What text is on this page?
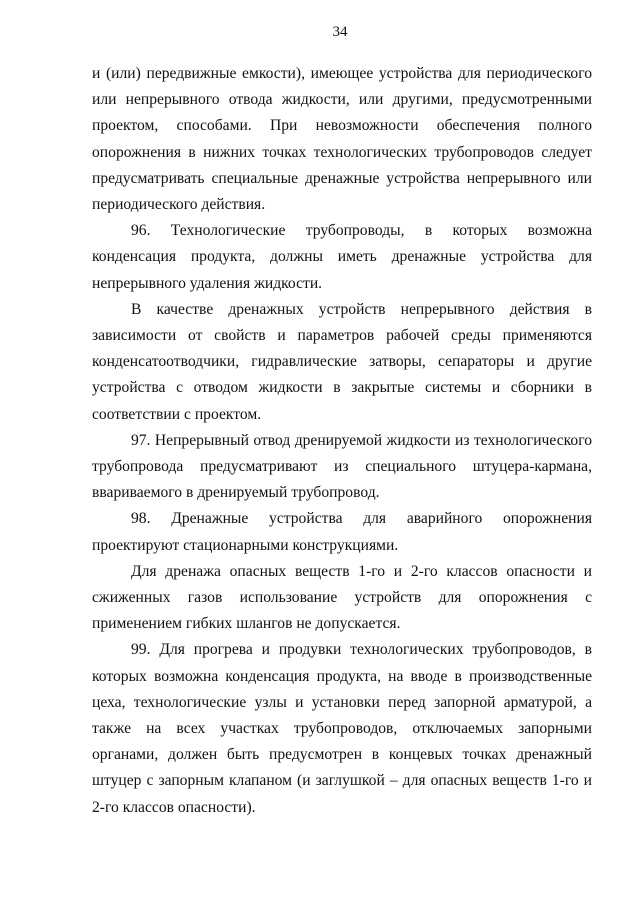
34

и (или) передвижные емкости), имеющее устройства для периодического или непрерывного отвода жидкости, или другими, предусмотренными проектом, способами. При невозможности обеспечения полного опорожнения в нижних точках технологических трубопроводов следует предусматривать специальные дренажные устройства непрерывного или периодического действия.

96. Технологические трубопроводы, в которых возможна конденсация продукта, должны иметь дренажные устройства для непрерывного удаления жидкости.

В качестве дренажных устройств непрерывного действия в зависимости от свойств и параметров рабочей среды применяются конденсатоотводчики, гидравлические затворы, сепараторы и другие устройства с отводом жидкости в закрытые системы и сборники в соответствии с проектом.

97. Непрерывный отвод дренируемой жидкости из технологического трубопровода предусматривают из специального штуцера-кармана, ввариваемого в дренируемый трубопровод.

98. Дренажные устройства для аварийного опорожнения проектируют стационарными конструкциями.

Для дренажа опасных веществ 1-го и 2-го классов опасности и сжиженных газов использование устройств для опорожнения с применением гибких шлангов не допускается.

99. Для прогрева и продувки технологических трубопроводов, в которых возможна конденсация продукта, на вводе в производственные цеха, технологические узлы и установки перед запорной арматурой, а также на всех участках трубопроводов, отключаемых запорными органами, должен быть предусмотрен в концевых точках дренажный штуцер с запорным клапаном (и заглушкой – для опасных веществ 1-го и 2-го классов опасности).
